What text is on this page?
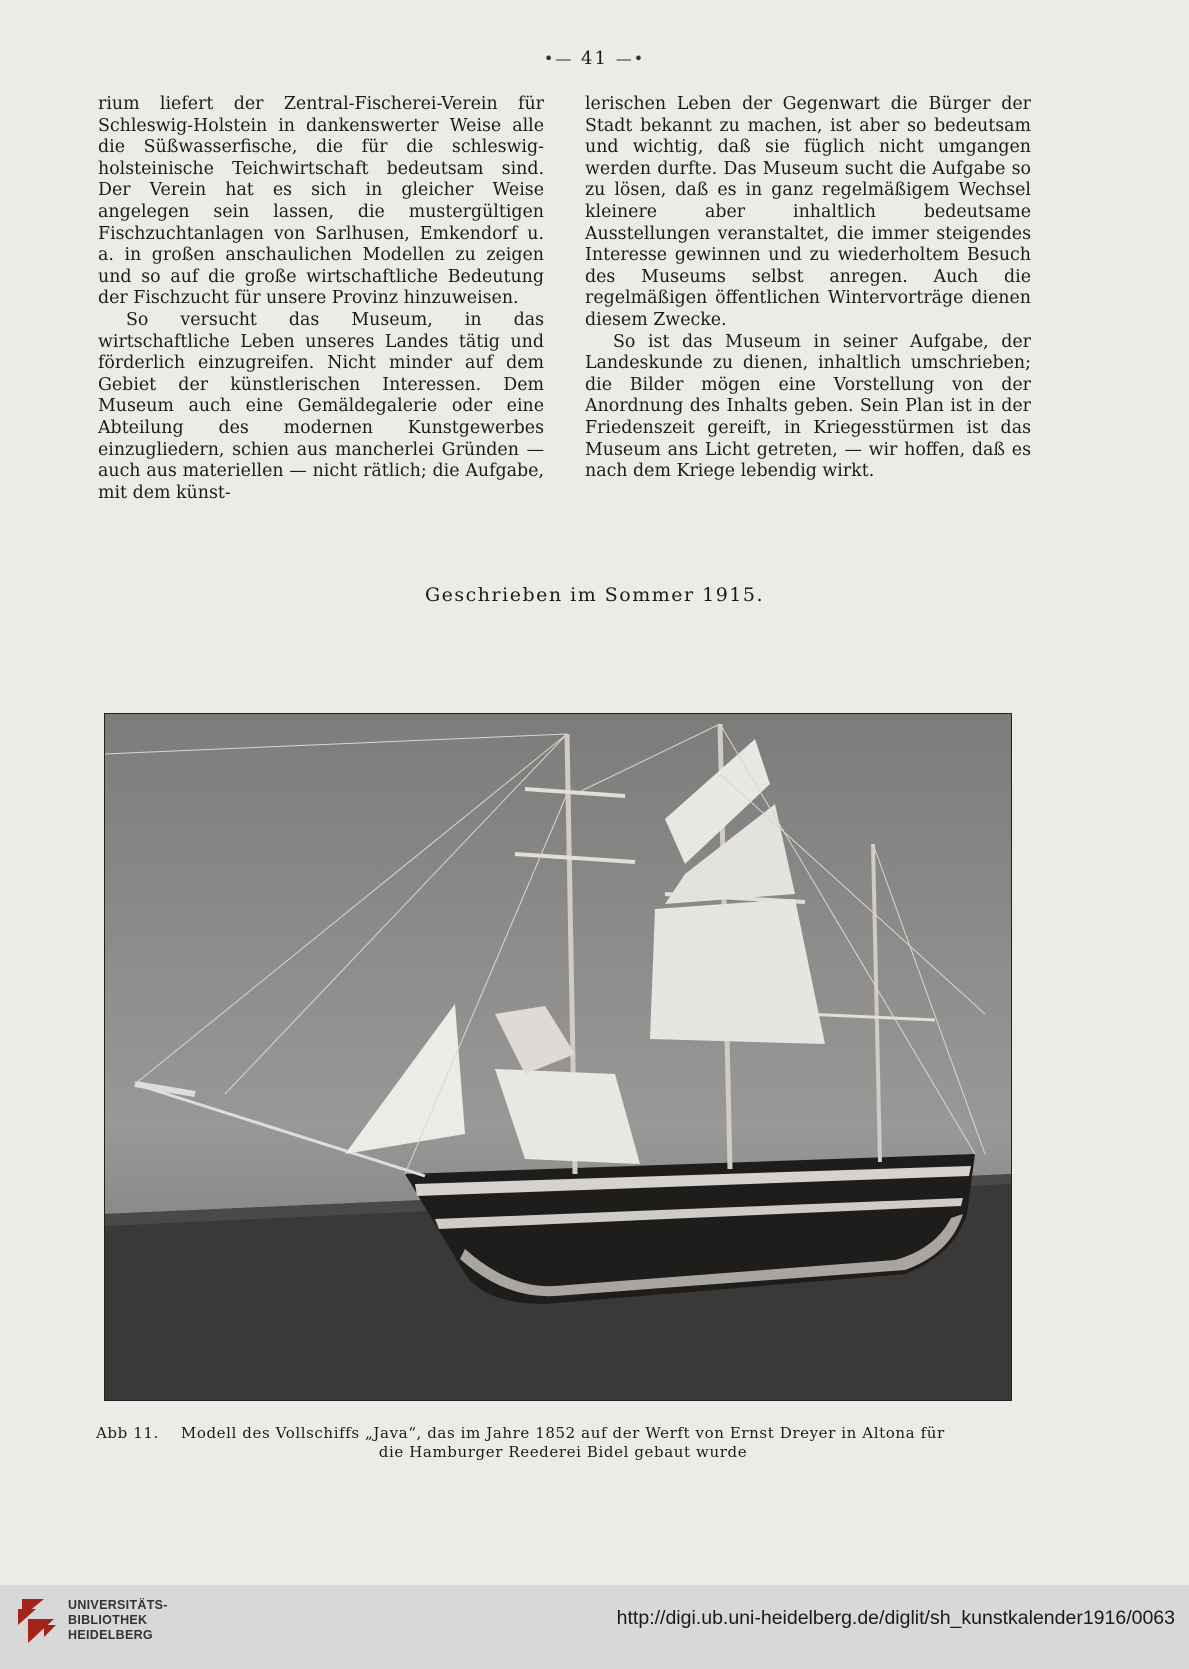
•— 41 —•

rium liefert der Zentral-Fischerei-Verein für Schleswig-Holstein in dankenswerter Weise alle die Süßwasserfische, die für die schleswig-holsteinische Teichwirtschaft bedeutsam sind. Der Verein hat es sich in gleicher Weise angelegen sein lassen, die mustergültigen Fischzuchtanlagen von Sarlhusen, Emkendorf u. a. in großen anschaulichen Modellen zu zeigen und so auf die große wirtschaftliche Bedeutung der Fischzucht für unsere Provinz hinzuweisen.

So versucht das Museum, in das wirtschaftliche Leben unseres Landes tätig und förderlich einzugreifen. Nicht minder auf dem Gebiet der künstlerischen Interessen. Dem Museum auch eine Gemäldegalerie oder eine Abteilung des modernen Kunstgewerbes einzugliedern, schien aus mancherlei Gründen — auch aus materiellen — nicht rätlich; die Aufgabe, mit dem künst-

lerischen Leben der Gegenwart die Bürger der Stadt bekannt zu machen, ist aber so bedeutsam und wichtig, daß sie füglich nicht umgangen werden durfte. Das Museum sucht die Aufgabe so zu lösen, daß es in ganz regelmäßigem Wechsel kleinere aber inhaltlich bedeutsame Ausstellungen veranstaltet, die immer steigendes Interesse gewinnen und zu wiederholtem Besuch des Museums selbst anregen. Auch die regelmäßigen öffentlichen Wintervorträge dienen diesem Zwecke.

So ist das Museum in seiner Aufgabe, der Landeskunde zu dienen, inhaltlich umschrieben; die Bilder mögen eine Vorstellung von der Anordnung des Inhalts geben. Sein Plan ist in der Friedenszeit gereift, in Kriegesstürmen ist das Museum ans Licht getreten, — wir hoffen, daß es nach dem Kriege lebendig wirkt.

Geschrieben im Sommer 1915.
Abb 11. Modell des Vollschiffs „Java“, das im Jahre 1852 auf der Werft von Ernst Dreyer in Altona für
die Hamburger Reederei Bidel gebaut wurde
UNIVERSITÄTS-
BIBLIOTHEK
HEIDELBERG
http://digi.ub.uni-heidelberg.de/diglit/sh_kunstkalender1916/0063
